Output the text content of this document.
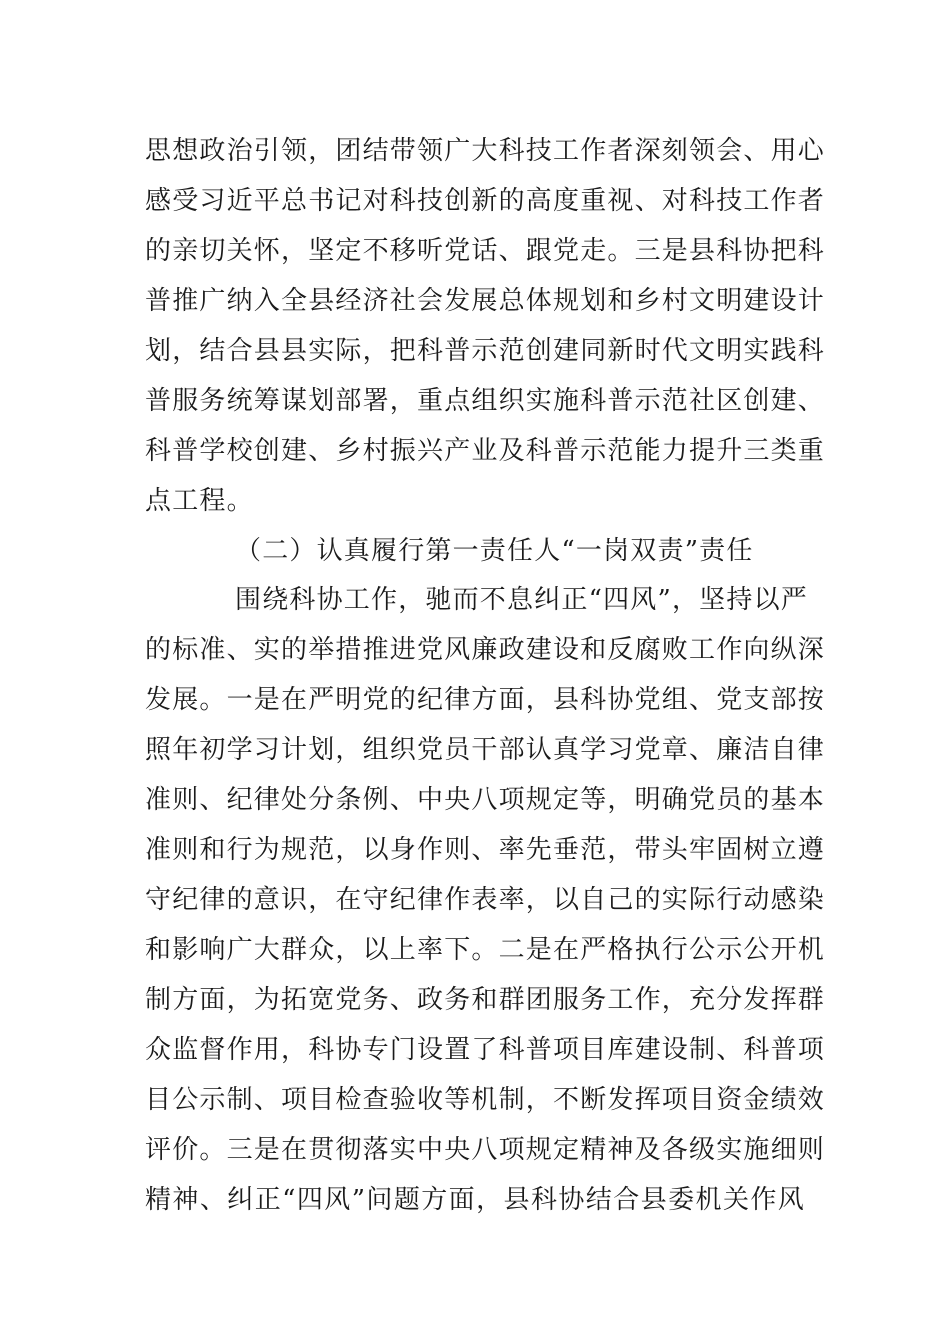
思想政治引领，团结带领广大科技工作者深刻领会、用心
感受习近平总书记对科技创新的高度重视、对科技工作者
的亲切关怀，坚定不移听党话、跟党走。三是县科协把科
普推广纳入全县经济社会发展总体规划和乡村文明建设计
划，结合县县实际，把科普示范创建同新时代文明实践科
普服务统筹谋划部署，重点组织实施科普示范社区创建、
科普学校创建、乡村振兴产业及科普示范能力提升三类重
点工程。
（二）认真履行第一责任人“一岗双责”责任
围绕科协工作，驰而不息纠正“四风”，坚持以严
的标准、实的举措推进党风廉政建设和反腐败工作向纵深
发展。一是在严明党的纪律方面，县科协党组、党支部按
照年初学习计划，组织党员干部认真学习党章、廉洁自律
准则、纪律处分条例、中央八项规定等，明确党员的基本
准则和行为规范，以身作则、率先垂范，带头牢固树立遵
守纪律的意识，在守纪律作表率，以自己的实际行动感染
和影响广大群众，以上率下。二是在严格执行公示公开机
制方面，为拓宽党务、政务和群团服务工作，充分发挥群
众监督作用，科协专门设置了科普项目库建设制、科普项
目公示制、项目检查验收等机制，不断发挥项目资金绩效
评价。三是在贯彻落实中央八项规定精神及各级实施细则
精神、纠正“四风”问题方面，县科协结合县委机关作风
